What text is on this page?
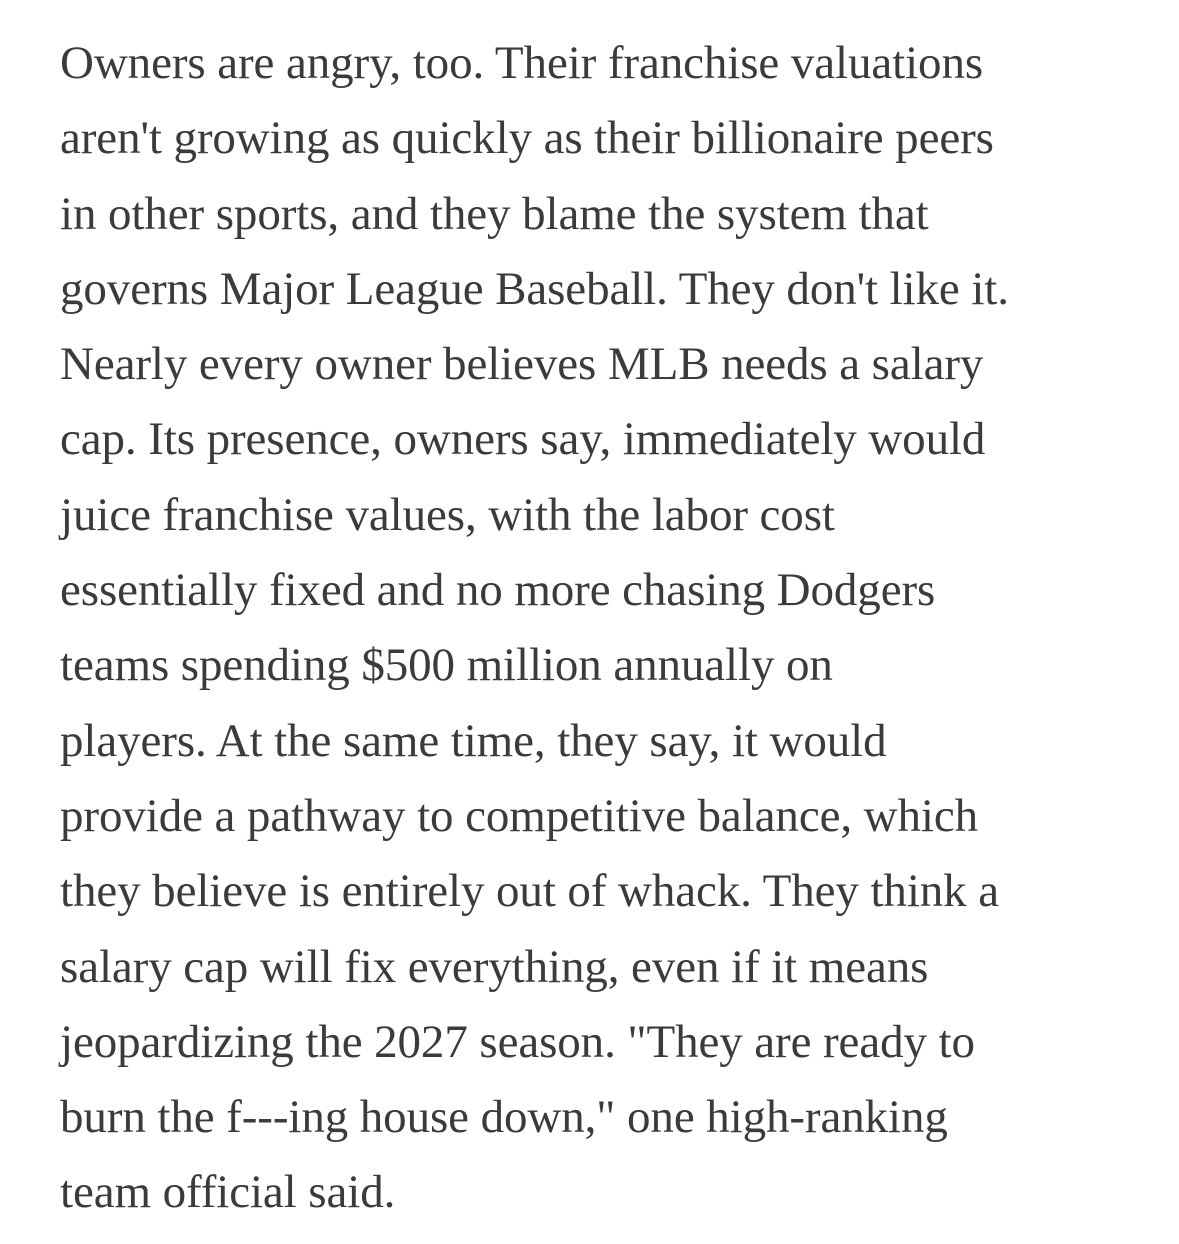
Owners are angry, too. Their franchise valuations
aren't growing as quickly as their billionaire peers
in other sports, and they blame the system that
governs Major League Baseball. They don't like it.
Nearly every owner believes MLB needs a salary
cap. Its presence, owners say, immediately would
juice franchise values, with the labor cost
essentially fixed and no more chasing Dodgers
teams spending $500 million annually on
players. At the same time, they say, it would
provide a pathway to competitive balance, which
they believe is entirely out of whack. They think a
salary cap will fix everything, even if it means
jeopardizing the 2027 season. "They are ready to
burn the f---ing house down," one high-ranking
team official said.
